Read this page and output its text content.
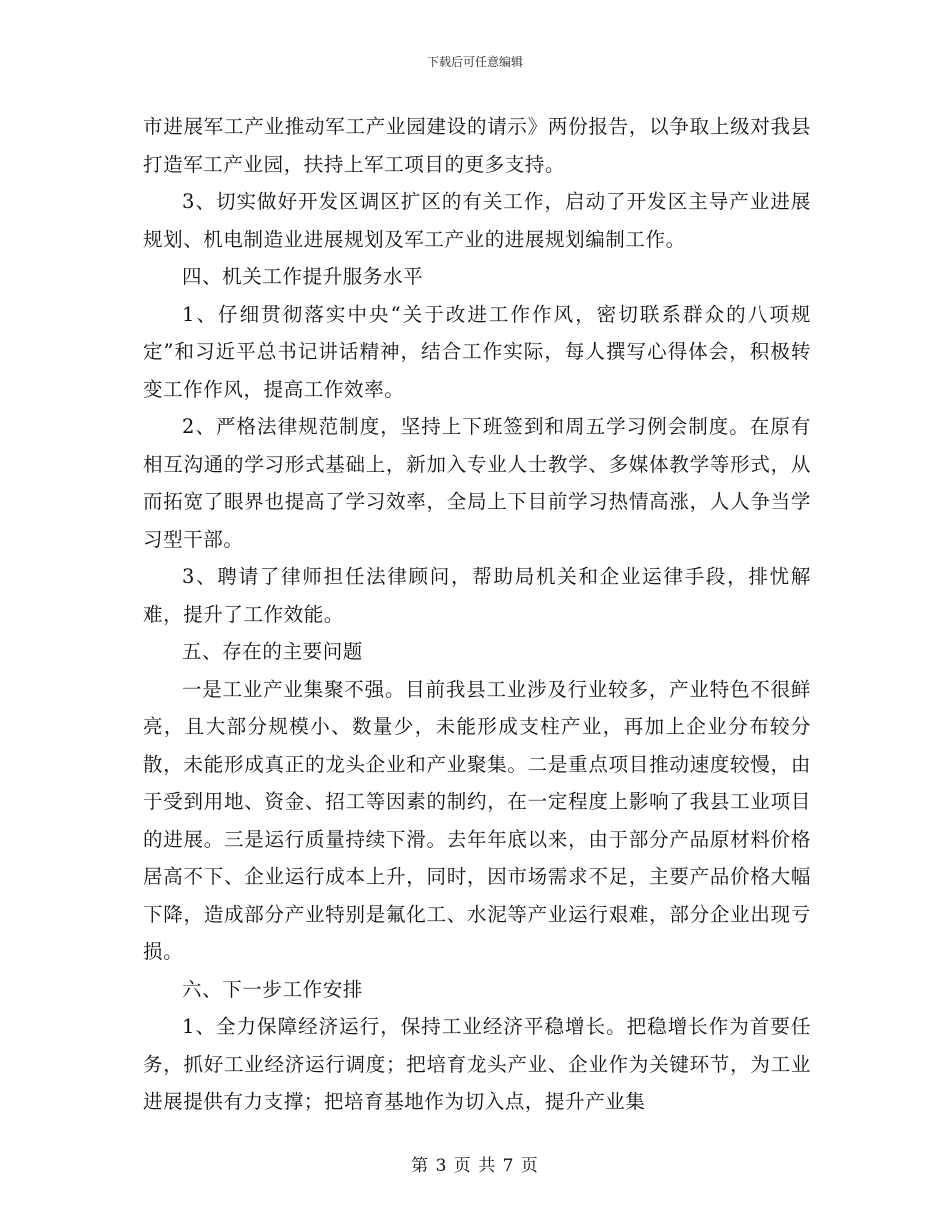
下载后可任意编辑

市进展军工产业推动军工产业园建设的请示》两份报告，以争取上级对我县打造军工产业园，扶持上军工项目的更多支持。

3、切实做好开发区调区扩区的有关工作，启动了开发区主导产业进展规划、机电制造业进展规划及军工产业的进展规划编制工作。

四、机关工作提升服务水平

1、仔细贯彻落实中央“关于改进工作作风，密切联系群众的八项规定”和习近平总书记讲话精神，结合工作实际，每人撰写心得体会，积极转变工作作风，提高工作效率。

2、严格法律规范制度，坚持上下班签到和周五学习例会制度。在原有相互沟通的学习形式基础上，新加入专业人士教学、多媒体教学等形式，从而拓宽了眼界也提高了学习效率，全局上下目前学习热情高涨，人人争当学习型干部。

3、聘请了律师担任法律顾问，帮助局机关和企业运律手段，排忧解难，提升了工作效能。

五、存在的主要问题

一是工业产业集聚不强。目前我县工业涉及行业较多，产业特色不很鲜亮，且大部分规模小、数量少，未能形成支柱产业，再加上企业分布较分散，未能形成真正的龙头企业和产业聚集。二是重点项目推动速度较慢，由于受到用地、资金、招工等因素的制约，在一定程度上影响了我县工业项目的进展。三是运行质量持续下滑。去年年底以来，由于部分产品原材料价格居高不下、企业运行成本上升，同时，因市场需求不足，主要产品价格大幅下降，造成部分产业特别是氟化工、水泥等产业运行艰难，部分企业出现亏损。

六、下一步工作安排

1、全力保障经济运行，保持工业经济平稳增长。把稳增长作为首要任务，抓好工业经济运行调度；把培育龙头产业、企业作为关键环节，为工业进展提供有力支撑；把培育基地作为切入点，提升产业集

第 3 页 共 7 页
